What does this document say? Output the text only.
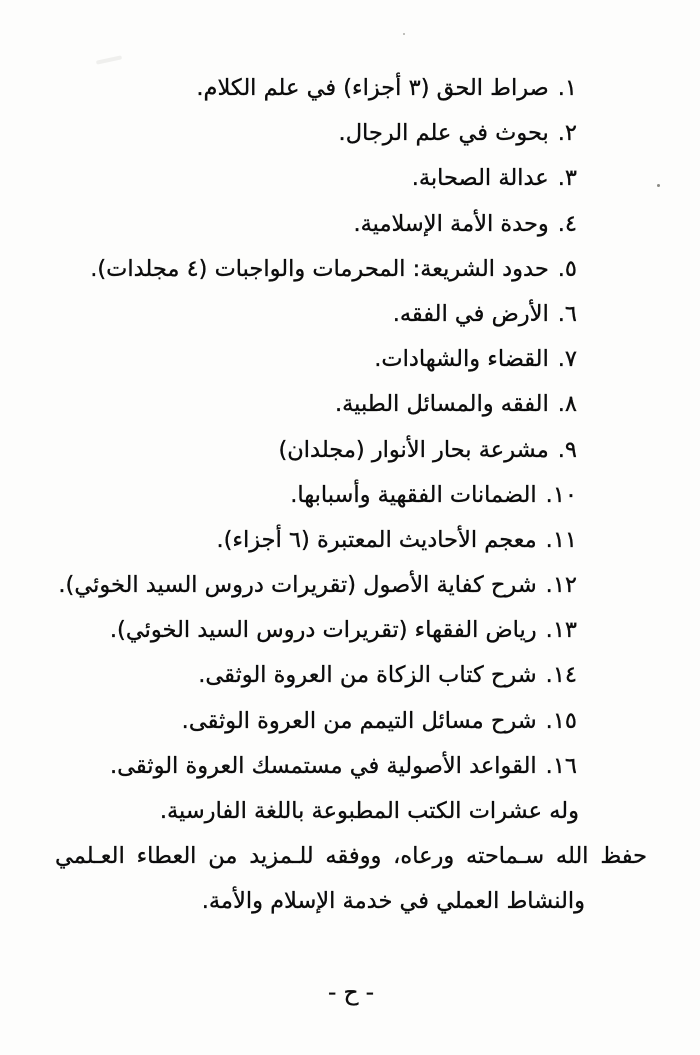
١.صراط الحق (٣ أجزاء) في علم الكلام.
٢.بحوث في علم الرجال.
٣.عدالة الصحابة.
٤.وحدة الأمة الإسلامية.
٥.حدود الشريعة: المحرمات والواجبات (٤ مجلدات).
٦.الأرض في الفقه.
٧.القضاء والشهادات.
٨.الفقه والمسائل الطبية.
٩.مشرعة بحار الأنوار (مجلدان)
١٠.الضمانات الفقهية وأسبابها.
١١.معجم الأحاديث المعتبرة (٦ أجزاء).
١٢.شرح كفاية الأصول (تقريرات دروس السيد الخوئي).
١٣.رياض الفقهاء (تقريرات دروس السيد الخوئي).
١٤.شرح كتاب الزكاة من العروة الوثقى.
١٥.شرح مسائل التيمم من العروة الوثقى.
١٦.القواعد الأصولية في مستمسك العروة الوثقى.
وله عشرات الكتب المطبوعة باللغة الفارسية.
حفظ الله سـماحته ورعاه، ووفقه للـمزيد من العطاء العـلمي
والنشاط العملي في خدمة الإسلام والأمة.
- ح -
